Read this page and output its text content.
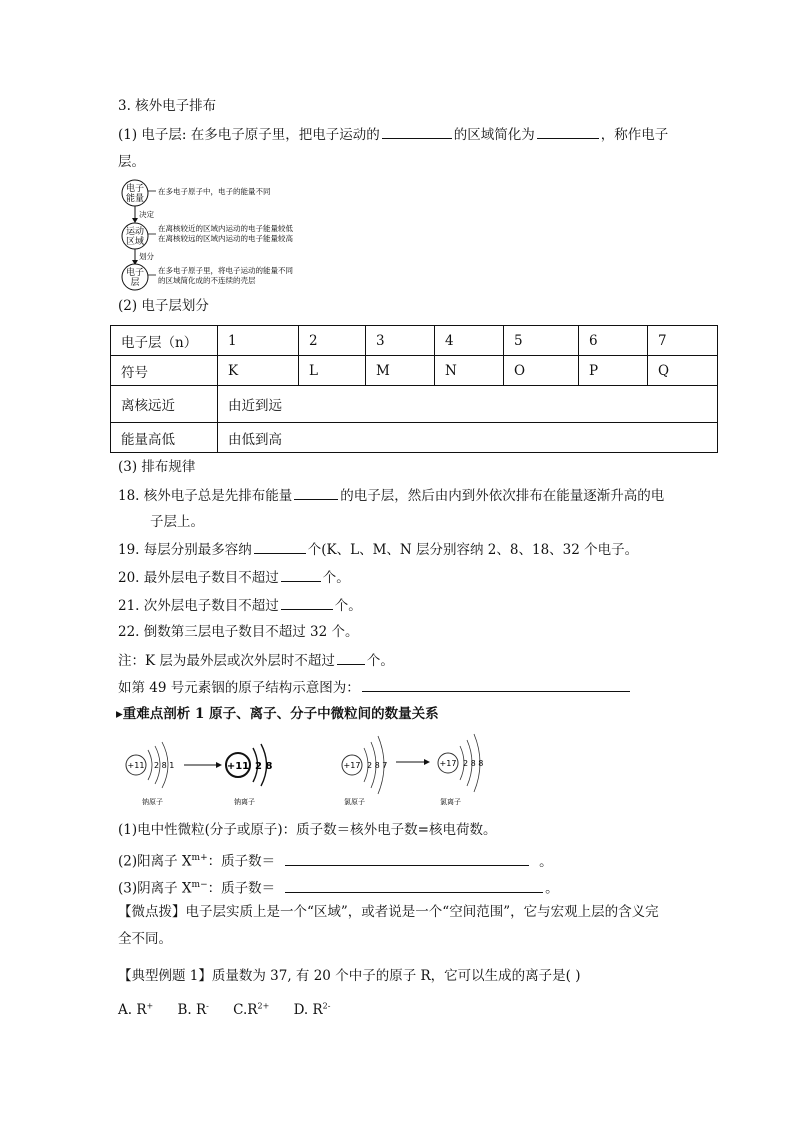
3. 核外电子排布
(1) 电子层: 在多电子原子里，把电子运动的	的区域简化为	，称作电子
层。
电子
能量
在多电子原子中，电子的能量不同
决定
运动
区域
在离核较近的区域内运动的电子能量较低
在离核较远的区域内运动的电子能量较高
划分
电子
层
在多电子原子里，将电子运动的能量不同
的区域简化成的不连续的壳层
(2) 电子层划分
电子层（n）	1	2	3	4	5	6	7
符号	K	L	M	N	O	P	Q
离核远近	由近到远						
能量高低	由低到高						
(3) 排布规律
18. 核外电子总是先排布能量	的电子层，然后由内到外依次排布在能量逐渐升高的电
子层上。
19. 每层分别最多容纳	个(K、L、M、N 层分别容纳 2、8、18、32 个电子。
20. 最外层电子数目不超过	个。
21. 次外层电子数目不超过	个。
22. 倒数第三层电子数目不超过 32 个。
注：K 层为最外层或次外层时不超过 个。
如第 49 号元素铟的原子结构示意图为：
▸重难点剖析 1 原子、离子、分子中微粒间的数量关系
+11 2 8 1
钠原子
+11 2 8
钠离子
+17 2 8 7
氯原子
+17 2 8 8
氯离子
(1)电中性微粒(分子或原子)：质子数＝核外电子数=核电荷数。
(2)阳离子 $X^{m+}$：质子数＝	。
(3)阴离子 $X^{m-}$：质子数＝	。
【微点拨】电子层实质上是一个“区域”，或者说是一个“空间范围”，它与宏观上层的含义完
全不同。
【典型例题 1】质量数为 37, 有 20 个中子的原子 R，它可以生成的离子是( )
A. R+ B. R- $C.R^{2+}$ D. $R^{2-}$
